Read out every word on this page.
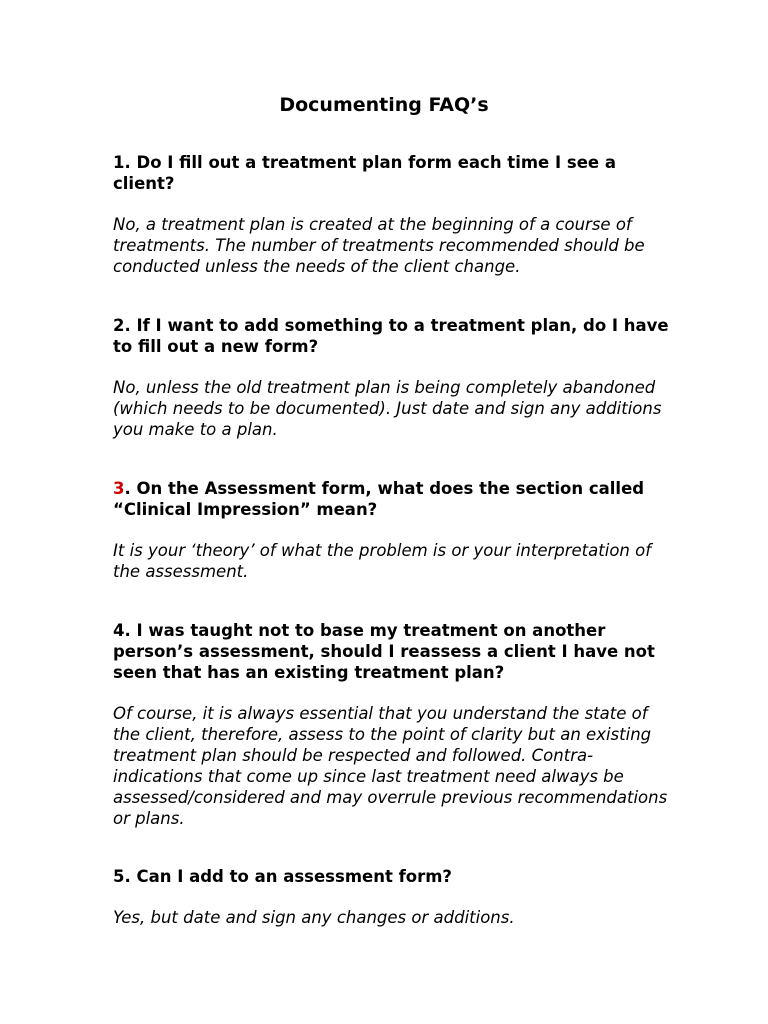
Documenting FAQ’s

1. Do I fill out a treatment plan form each time I see a client?

No, a treatment plan is created at the beginning of a course of treatments. The number of treatments recommended should be conducted unless the needs of the client change.

2. If I want to add something to a treatment plan, do I have to fill out a new form?

No, unless the old treatment plan is being completely abandoned (which needs to be documented). Just date and sign any additions you make to a plan.

3. On the Assessment form, what does the section called “Clinical Impression” mean?

It is your ‘theory’ of what the problem is or your interpretation of the assessment.

4. I was taught not to base my treatment on another person’s assessment, should I reassess a client I have not seen that has an existing treatment plan?

Of course, it is always essential that you understand the state of the client, therefore, assess to the point of clarity but an existing treatment plan should be respected and followed. Contra-indications that come up since last treatment need always be assessed/considered and may overrule previous recommendations or plans.

5. Can I add to an assessment form?

Yes, but date and sign any changes or additions.
